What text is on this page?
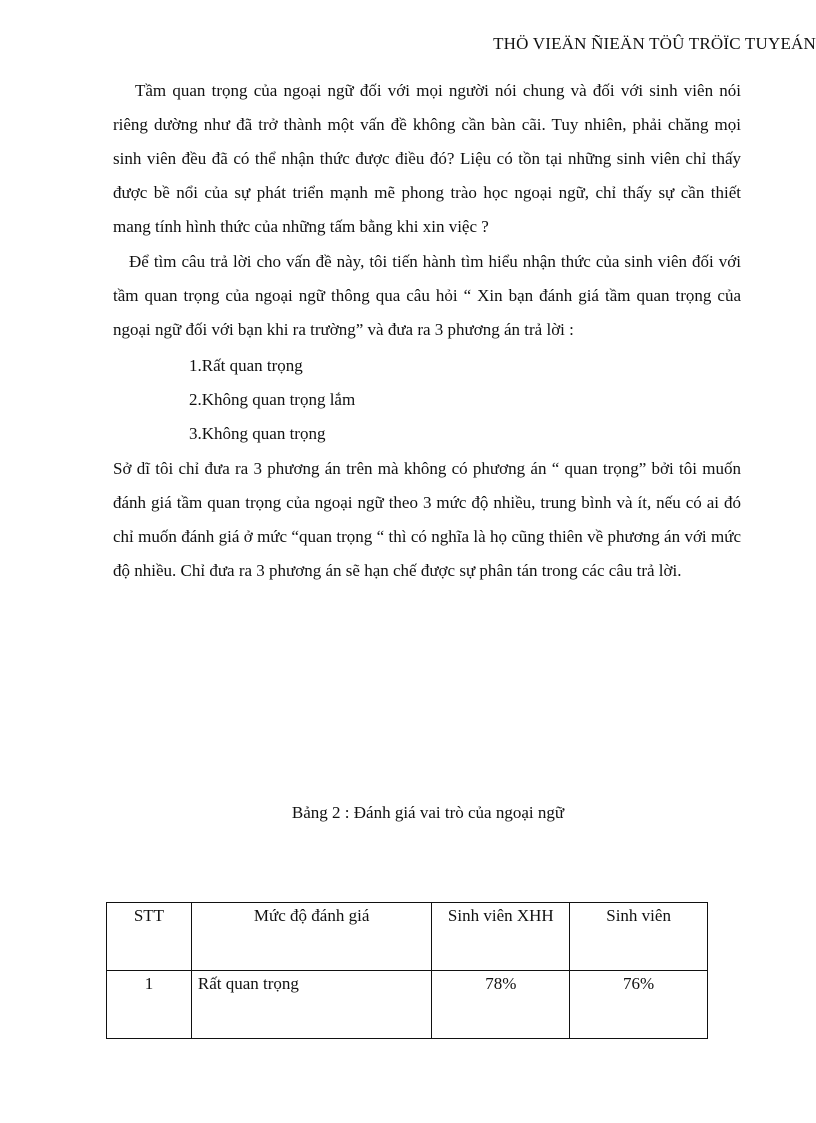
THÖ VIEÄN ÑIEÄN TÖÛ TRÖÏC TUYEÁN

Tầm quan trọng của ngoại ngữ đối với mọi người nói chung và đối với sinh viên nói riêng dường như đã trở thành một vấn đề không cần bàn cãi. Tuy nhiên, phải chăng mọi sinh viên đều đã có thể nhận thức được điều đó? Liệu có tồn tại những sinh viên chỉ thấy được bề nổi của sự phát triển mạnh mẽ phong trào học ngoại ngữ, chỉ thấy sự cần thiết mang tính hình thức của những tấm bằng khi xin việc ?

Để tìm câu trả lời cho vấn đề này, tôi tiến hành tìm hiểu nhận thức của sinh viên đối với tầm quan trọng của ngoại ngữ thông qua câu hỏi “ Xin bạn đánh giá tầm quan trọng của ngoại ngữ đối với bạn khi ra trường” và đưa ra 3 phương án trả lời :

1.Rất quan trọng
2.Không quan trọng lắm
3.Không quan trọng

Sở dĩ tôi chỉ đưa ra 3 phương án trên mà không có phương án “ quan trọng” bởi tôi muốn đánh giá tầm quan trọng của ngoại ngữ theo 3 mức độ nhiều, trung bình và ít, nếu có ai đó chỉ muốn đánh giá ở mức “quan trọng “ thì có nghĩa là họ cũng thiên về phương án với mức độ nhiều. Chỉ đưa ra 3 phương án sẽ hạn chế được sự phân tán trong các câu trả lời.

Bảng 2 : Đánh giá vai trò của ngoại ngữ
STT	Mức độ đánh giá	Sinh viên XHH	Sinh viên
1	Rất quan trọng	78%	76%
